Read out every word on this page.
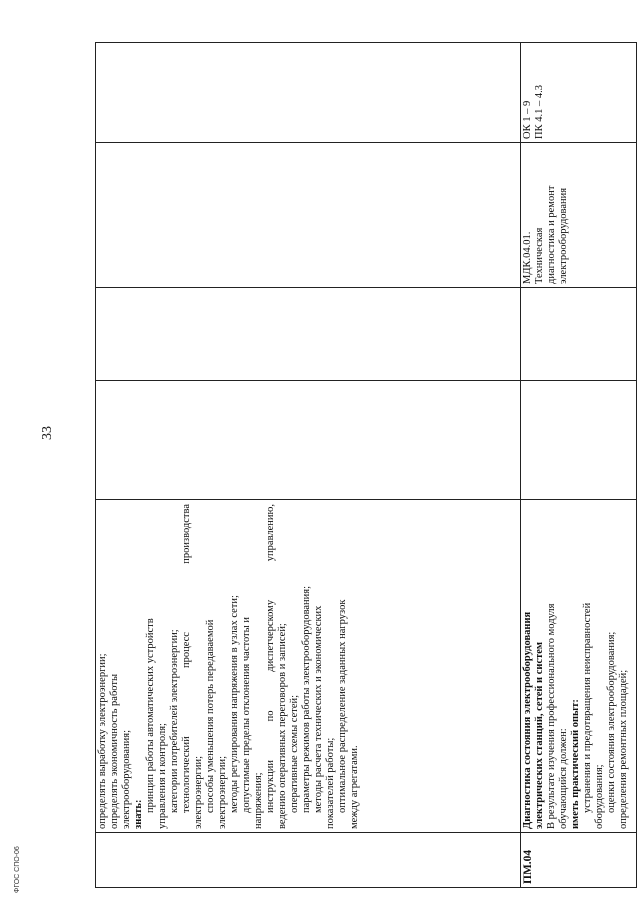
33

определять выработку электроэнергии; определять экономичность работы электрооборудования; знать:

принцип работы автоматических устройств управления и контроля; категории потребителей электроэнергии; технологический процесс производства электроэнергии; способы уменьшения потерь передаваемой электроэнергии; методы регулирования напряжения в узлах сети; допустимые пределы отклонения частоты и напряжения; инструкции по диспетчерскому управлению, ведению оперативных переговоров и записей; оперативные схемы сетей; параметры режимов работы электрооборудования; методы расчета технических и экономических показателей работы; оптимальное распределение заданных нагрузок между агрегатами.

ПМ.04

Диагностика состояния электрооборудования электрических станций, сетей и систем В результате изучения профессионального модуля обучающийся должен: иметь практический опыт: устранения и предотвращения неисправностей оборудования; оценки состояния электрооборудования; определения ремонтных площадей;

МДК.04.01. Техническая диагностика и ремонт электрооборудования

ОК 1 – 9 ПК 4.1 – 4.3

ФГОС СПО-06
